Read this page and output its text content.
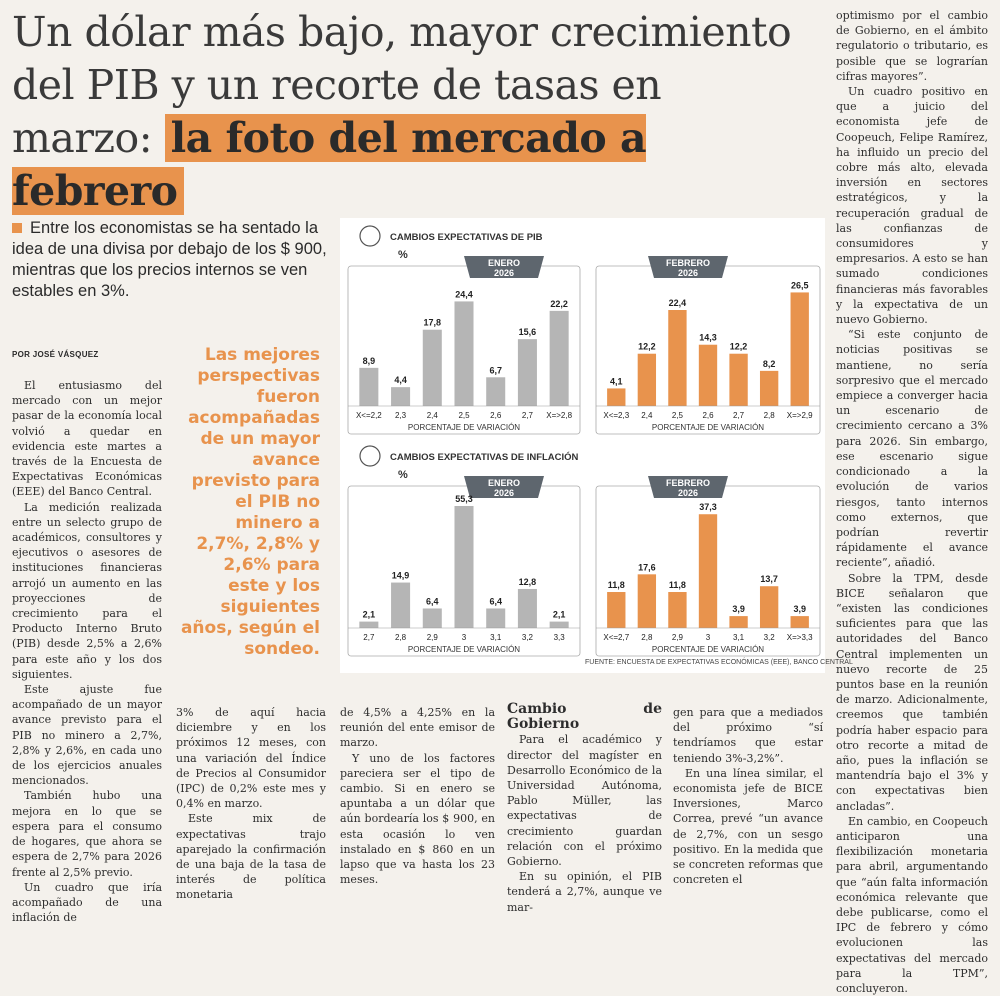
Un dólar más bajo, mayor crecimiento
del PIB y un recorte de tasas en
marzo: la foto del mercado a febrero
Entre los economistas se ha sentado la idea de una divisa por debajo de los $ 900, mientras que los precios internos se ven estables en 3%.
POR JOSÉ VÁSQUEZ

El entusiasmo del mercado con un mejor pasar de la economía local volvió a quedar en evidencia este martes a través de la Encuesta de Expectativas Económicas (EEE) del Banco Central.

La medición realizada entre un selecto grupo de académicos, consultores y ejecutivos o asesores de instituciones financieras arrojó un aumento en las proyecciones de crecimiento para el Producto Interno Bruto (PIB) desde 2,5% a 2,6% para este año y los dos siguientes.

Este ajuste fue acompañado de un mayor avance previsto para el PIB no minero a 2,7%, 2,8% y 2,6%, en cada uno de los ejercicios anuales mencionados.

También hubo una mejora en lo que se espera para el consumo de hogares, que ahora se espera de 2,7% para 2026 frente al 2,5% previo.

Un cuadro que iría acompañado de una inflación de

Las mejores perspectivas fueron acompañadas de un mayor avance previsto para el PIB no minero a 2,7%, 2,8% y 2,6% para este y los siguientes años, según el sondeo.

3% de aquí hacia diciembre y en los próximos 12 meses, con una variación del Índice de Precios al Consumidor (IPC) de 0,2% este mes y 0,4% en marzo.

Este mix de expectativas trajo aparejado la confirmación de una baja de la tasa de interés de política monetaria

de 4,5% a 4,25% en la reunión del ente emisor de marzo.

Y uno de los factores pareciera ser el tipo de cambio. Si en enero se apuntaba a un dólar que aún bordearía los $ 900, en esta ocasión lo ven instalado en $ 860 en un lapso que va hasta los 23 meses.

Cambio de Gobierno

Para el académico y director del magíster en Desarrollo Económico de la Universidad Autónoma, Pablo Müller, las expectativas de crecimiento guardan relación con el próximo Gobierno.

En su opinión, el PIB tenderá a 2,7%, aunque ve mar-

gen para que a mediados del próximo “sí tendríamos que estar teniendo 3%-3,2%”.

En una línea similar, el economista jefe de BICE Inversiones, Marco Correa, prevé “un avance de 2,7%, con un sesgo positivo. En la medida que se concreten reformas que concreten el

optimismo por el cambio de Gobierno, en el ámbito regulatorio o tributario, es posible que se lograrían cifras mayores”.

Un cuadro positivo en que a juicio del economista jefe de Coopeuch, Felipe Ramírez, ha influido un precio del cobre más alto, elevada inversión en sectores estratégicos, y la recuperación gradual de las confianzas de consumidores y empresarios. A esto se han sumado condiciones financieras más favorables y la expectativa de un nuevo Gobierno.

“Si este conjunto de noticias positivas se mantiene, no sería sorpresivo que el mercado empiece a converger hacia un escenario de crecimiento cercano a 3% para 2026. Sin embargo, ese escenario sigue condicionado a la evolución de varios riesgos, tanto internos como externos, que podrían revertir rápidamente el avance reciente”, añadió.

Sobre la TPM, desde BICE señalaron que “existen las condiciones suficientes para que las autoridades del Banco Central implementen un nuevo recorte de 25 puntos base en la reunión de marzo. Adicionalmente, creemos que también podría haber espacio para otro recorte a mitad de año, pues la inflación se mantendría bajo el 3% y con expectativas bien ancladas”.

En cambio, en Coopeuch anticiparon una flexibilización monetaria para abril, argumentando que “aún falta información económica relevante que debe publicarse, como el IPC de febrero y cómo evolucionen las expectativas del mercado para la TPM”, concluyeron.

CAMBIOS EXPECTATIVAS DE PIB
%
ENERO
2026
8,9
X<=2,2
4,4
2,3
17,8
2,4
24,4
2,5
6,7
2,6
15,6
2,7
22,2
X=>2,8
PORCENTAJE DE VARIACIÓN
FEBRERO
2026
4,1
X<=2,3
12,2
2,4
22,4
2,5
14,3
2,6
12,2
2,7
8,2
2,8
26,5
X=>2,9
PORCENTAJE DE VARIACIÓN
CAMBIOS EXPECTATIVAS DE INFLACIÓN
%
ENERO
2026
2,1
2,7
14,9
2,8
6,4
2,9
55,3
3
6,4
3,1
12,8
3,2
2,1
3,3
PORCENTAJE DE VARIACIÓN
FEBRERO
2026
11,8
X<=2,7
17,6
2,8
11,8
2,9
37,3
3
3,9
3,1
13,7
3,2
3,9
X=>3,3
PORCENTAJE DE VARIACIÓN
FUENTE: ENCUESTA DE EXPECTATIVAS ECONÓMICAS (EEE), BANCO CENTRAL
